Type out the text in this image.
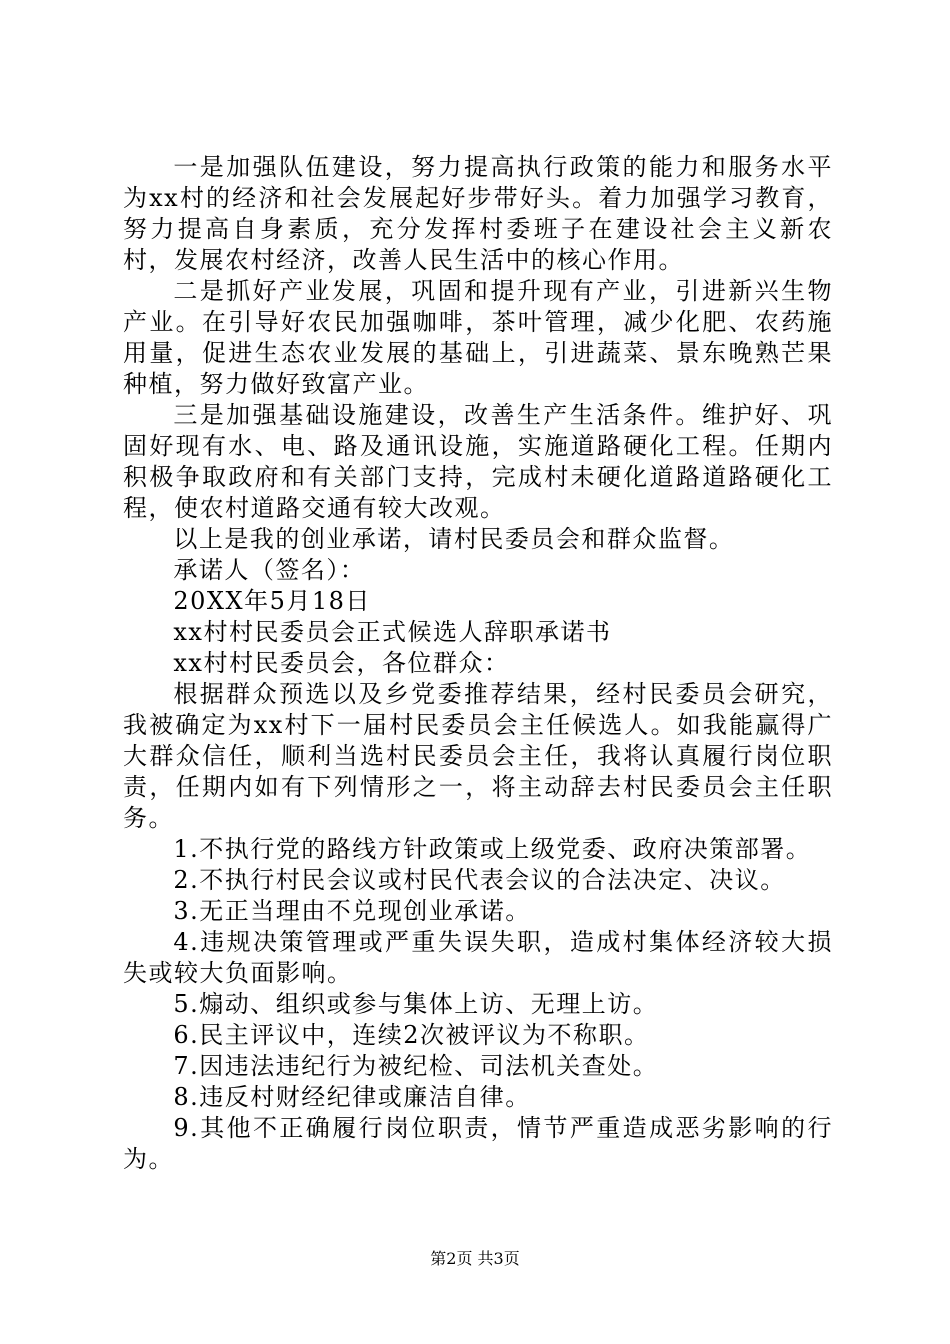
一是加强队伍建设，努力提高执行政策的能力和服务水平为xx村的经济和社会发展起好步带好头。着力加强学习教育，努力提高自身素质，充分发挥村委班子在建设社会主义新农村，发展农村经济，改善人民生活中的核心作用。

二是抓好产业发展，巩固和提升现有产业，引进新兴生物产业。在引导好农民加强咖啡，茶叶管理，减少化肥、农药施用量，促进生态农业发展的基础上，引进蔬菜、景东晚熟芒果种植，努力做好致富产业。

三是加强基础设施建设，改善生产生活条件。维护好、巩固好现有水、电、路及通讯设施，实施道路硬化工程。任期内积极争取政府和有关部门支持，完成村未硬化道路道路硬化工程，使农村道路交通有较大改观。

以上是我的创业承诺，请村民委员会和群众监督。

承诺人（签名）：

20XX年5月18日

xx村村民委员会正式候选人辞职承诺书

xx村村民委员会，各位群众：

根据群众预选以及乡党委推荐结果，经村民委员会研究，我被确定为xx村下一届村民委员会主任候选人。如我能赢得广大群众信任，顺利当选村民委员会主任，我将认真履行岗位职责，任期内如有下列情形之一，将主动辞去村民委员会主任职务。

1.不执行党的路线方针政策或上级党委、政府决策部署。

2.不执行村民会议或村民代表会议的合法决定、决议。

3.无正当理由不兑现创业承诺。

4.违规决策管理或严重失误失职，造成村集体经济较大损失或较大负面影响。

5.煽动、组织或参与集体上访、无理上访。

6.民主评议中，连续2次被评议为不称职。

7.因违法违纪行为被纪检、司法机关查处。

8.违反村财经纪律或廉洁自律。

9.其他不正确履行岗位职责，情节严重造成恶劣影响的行为。

第2页 共3页
